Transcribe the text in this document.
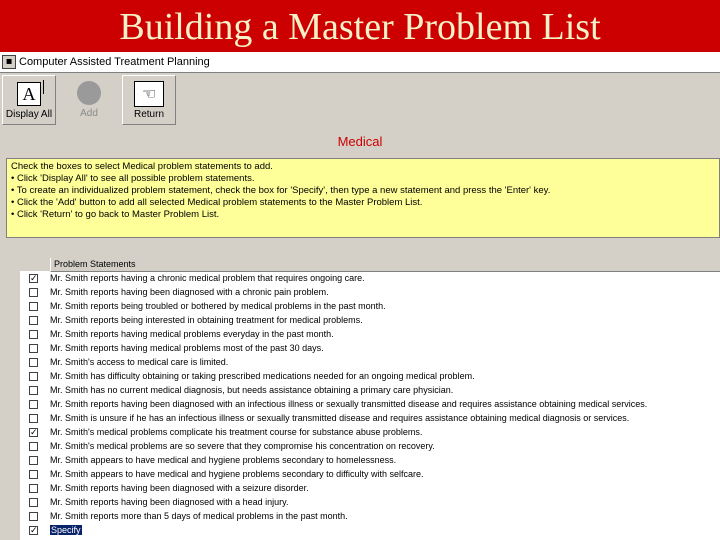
Building a Master Problem List
▪ Computer Assisted Treatment Planning
A
Display All	Add
☜
Return
Medical
Check the boxes to select Medical problem statements to add.
• Click 'Display All' to see all possible problem statements.
• To create an individualized problem statement, check the box for 'Specify', then type a new statement and press the 'Enter' key.
• Click the 'Add' button to add all selected Medical problem statements to the Master Problem List.
• Click 'Return' to go back to Master Problem List.
Problem Statements
✓ Mr. Smith reports having a chronic medical problem that requires ongoing care.
Mr. Smith reports having been diagnosed with a chronic pain problem.
Mr. Smith reports being troubled or bothered by medical problems in the past month.
Mr. Smith reports being interested in obtaining treatment for medical problems.
Mr. Smith reports having medical problems everyday in the past month.
Mr. Smith reports having medical problems most of the past 30 days.
Mr. Smith's access to medical care is limited.
Mr. Smith has difficulty obtaining or taking prescribed medications needed for an ongoing medical problem.
Mr. Smith has no current medical diagnosis, but needs assistance obtaining a primary care physician.
Mr. Smith reports having been diagnosed with an infectious illness or sexually transmitted disease and requires assistance obtaining medical services.
Mr. Smith is unsure if he has an infectious illness or sexually transmitted disease and requires assistance obtaining medical diagnosis or services.
✓ Mr. Smith's medical problems complicate his treatment course for substance abuse problems.
Mr. Smith's medical problems are so severe that they compromise his concentration on recovery.
Mr. Smith appears to have medical and hygiene problems secondary to homelessness.
Mr. Smith appears to have medical and hygiene problems secondary to difficulty with selfcare.
Mr. Smith reports having been diagnosed with a seizure disorder.
Mr. Smith reports having been diagnosed with a head injury.
Mr. Smith reports more than 5 days of medical problems in the past month.
✓ Specify
